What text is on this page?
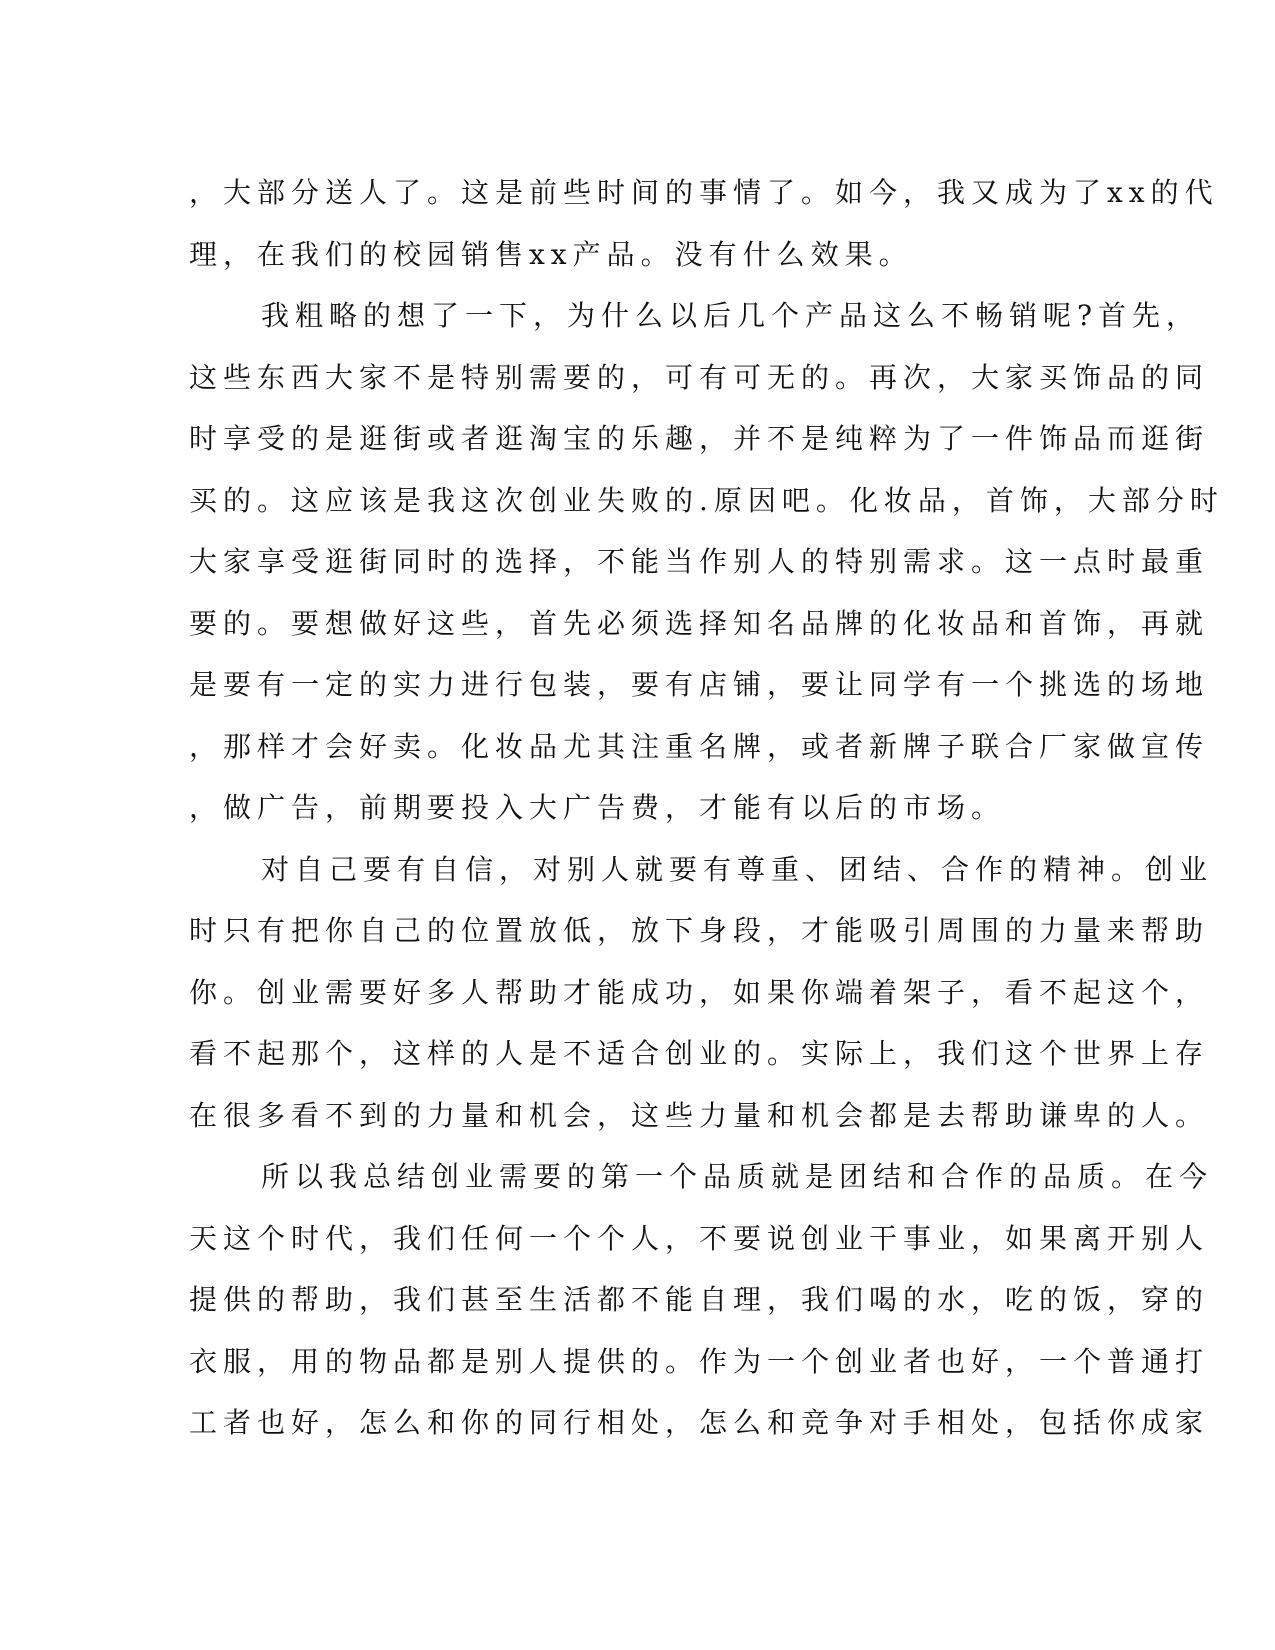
，大部分送人了。这是前些时间的事情了。如今，我又成为了xx的代
理，在我们的校园销售xx产品。没有什么效果。
我粗略的想了一下，为什么以后几个产品这么不畅销呢?首先，
这些东西大家不是特别需要的，可有可无的。再次，大家买饰品的同
时享受的是逛街或者逛淘宝的乐趣，并不是纯粹为了一件饰品而逛街
买的。这应该是我这次创业失败的.原因吧。化妆品，首饰，大部分时
大家享受逛街同时的选择，不能当作别人的特别需求。这一点时最重
要的。要想做好这些，首先必须选择知名品牌的化妆品和首饰，再就
是要有一定的实力进行包装，要有店铺，要让同学有一个挑选的场地
，那样才会好卖。化妆品尤其注重名牌，或者新牌子联合厂家做宣传
，做广告，前期要投入大广告费，才能有以后的市场。
对自己要有自信，对别人就要有尊重、团结、合作的精神。创业
时只有把你自己的位置放低，放下身段，才能吸引周围的力量来帮助
你。创业需要好多人帮助才能成功，如果你端着架子，看不起这个，
看不起那个，这样的人是不适合创业的。实际上，我们这个世界上存
在很多看不到的力量和机会，这些力量和机会都是去帮助谦卑的人。
所以我总结创业需要的第一个品质就是团结和合作的品质。在今
天这个时代，我们任何一个个人，不要说创业干事业，如果离开别人
提供的帮助，我们甚至生活都不能自理，我们喝的水，吃的饭，穿的
衣服，用的物品都是别人提供的。作为一个创业者也好，一个普通打
工者也好，怎么和你的同行相处，怎么和竞争对手相处，包括你成家
